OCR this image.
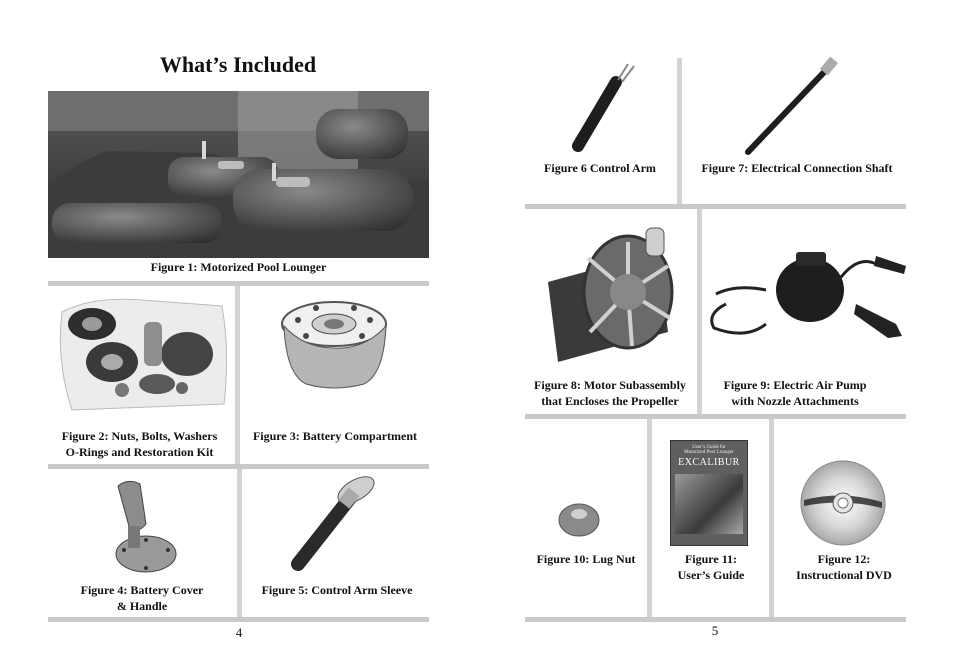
What’s Included
Figure 1: Motorized Pool Lounger
Figure 2: Nuts, Bolts, Washers
O-Rings and Restoration Kit
Figure 3: Battery Compartment
Figure 4: Battery Cover
& Handle
Figure 5: Control Arm Sleeve
4
Figure 6 Control Arm	Figure 7: Electrical Connection Shaft
Figure 8: Motor Subassembly
that Encloses the Propeller
Figure 9: Electric Air Pump
with Nozzle Attachments
Figure 10: Lug Nut
User’s Guide for
Motorized Pool Lounger
EXCALIBUR
Figure 11:
User’s Guide
Figure 12:
Instructional DVD
5
